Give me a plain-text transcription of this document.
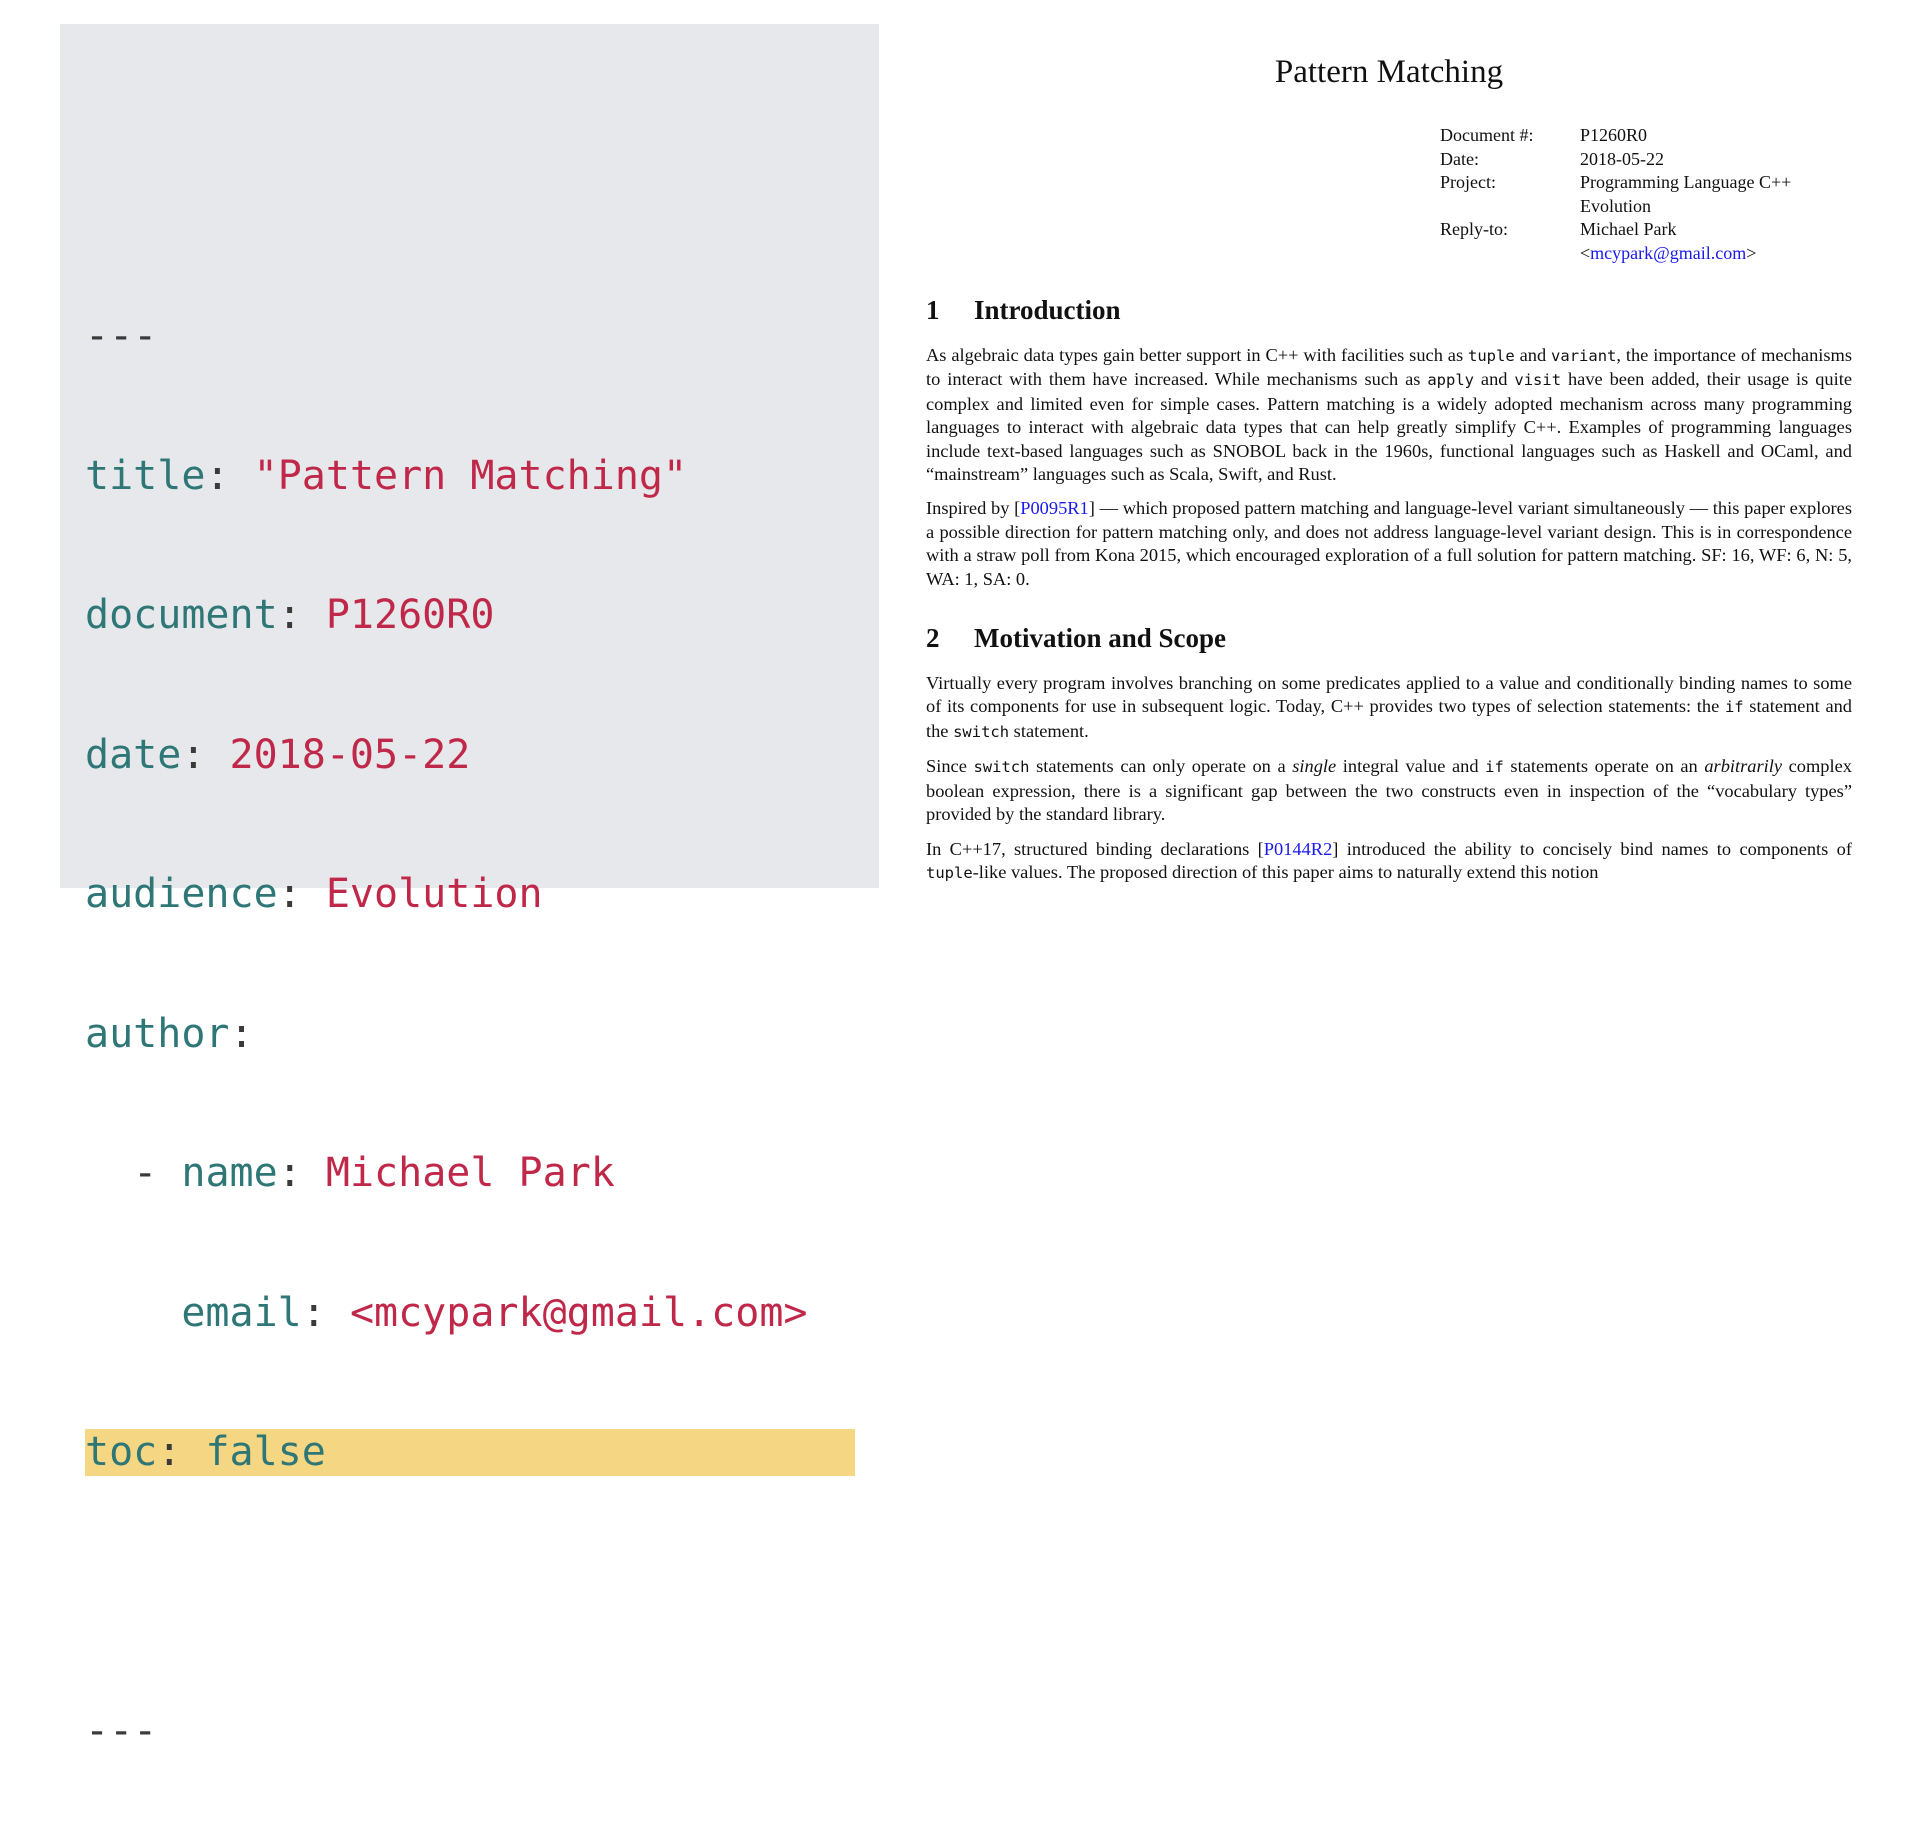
---

title: "Pattern Matching"

document: P1260R0

date: 2018-05-22

audience: Evolution

author:

- name: Michael Park

email: <mcypark@gmail.com>

toc: false

---

Pattern Matching
Document #:	P1260R0
Date:	2018-05-22
Project:	Programming Language C++ Evolution
Reply-to:	Michael Park
<mcypark@gmail.com>
1 Introduction

As algebraic data types gain better support in C++ with facilities such as tuple and variant, the importance of mechanisms to interact with them have increased. While mechanisms such as apply and visit have been added, their usage is quite complex and limited even for simple cases. Pattern matching is a widely adopted mechanism across many programming languages to interact with algebraic data types that can help greatly simplify C++. Examples of programming languages include text-based languages such as SNOBOL back in the 1960s, functional languages such as Haskell and OCaml, and “mainstream” languages such as Scala, Swift, and Rust.

Inspired by [P0095R1] — which proposed pattern matching and language-level variant simultaneously — this paper explores a possible direction for pattern matching only, and does not address language-level variant design. This is in correspondence with a straw poll from Kona 2015, which encouraged exploration of a full solution for pattern matching. SF: 16, WF: 6, N: 5, WA: 1, SA: 0.

2 Motivation and Scope

Virtually every program involves branching on some predicates applied to a value and conditionally binding names to some of its components for use in subsequent logic. Today, C++ provides two types of selection statements: the if statement and the switch statement.

Since switch statements can only operate on a single integral value and if statements operate on an arbitrarily complex boolean expression, there is a significant gap between the two constructs even in inspection of the “vocabulary types” provided by the standard library.

In C++17, structured binding declarations [P0144R2] introduced the ability to concisely bind names to components of tuple-like values. The proposed direction of this paper aims to naturally extend this notion
